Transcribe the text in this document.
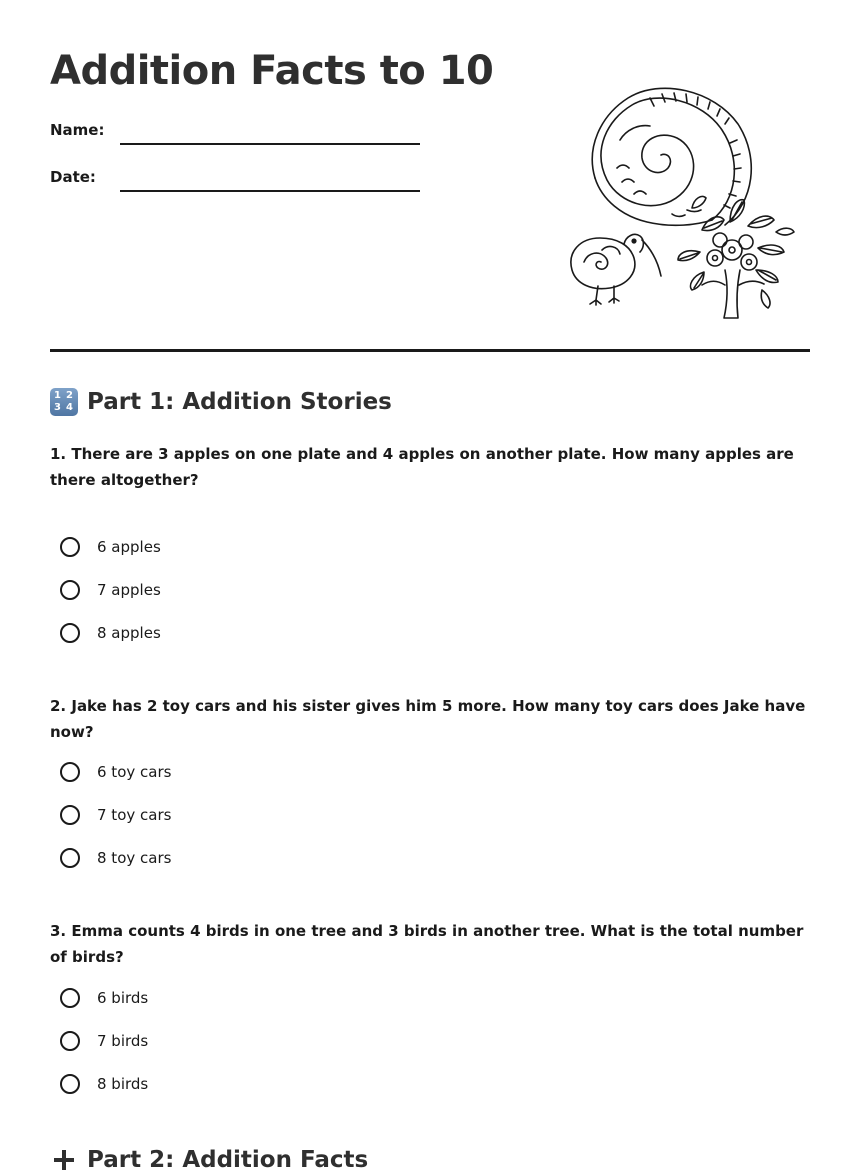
Addition Facts to 10
Name:
Date:
1 2
3 4 Part 1: Addition Stories

1. There are 3 apples on one plate and 4 apples on another plate. How many apples are there altogether?

6 apples
7 apples
8 apples

2. Jake has 2 toy cars and his sister gives him 5 more. How many toy cars does Jake have now?

6 toy cars
7 toy cars
8 toy cars

3. Emma counts 4 birds in one tree and 3 birds in another tree. What is the total number of birds?

6 birds
7 birds
8 birds
Part 2: Addition Facts
